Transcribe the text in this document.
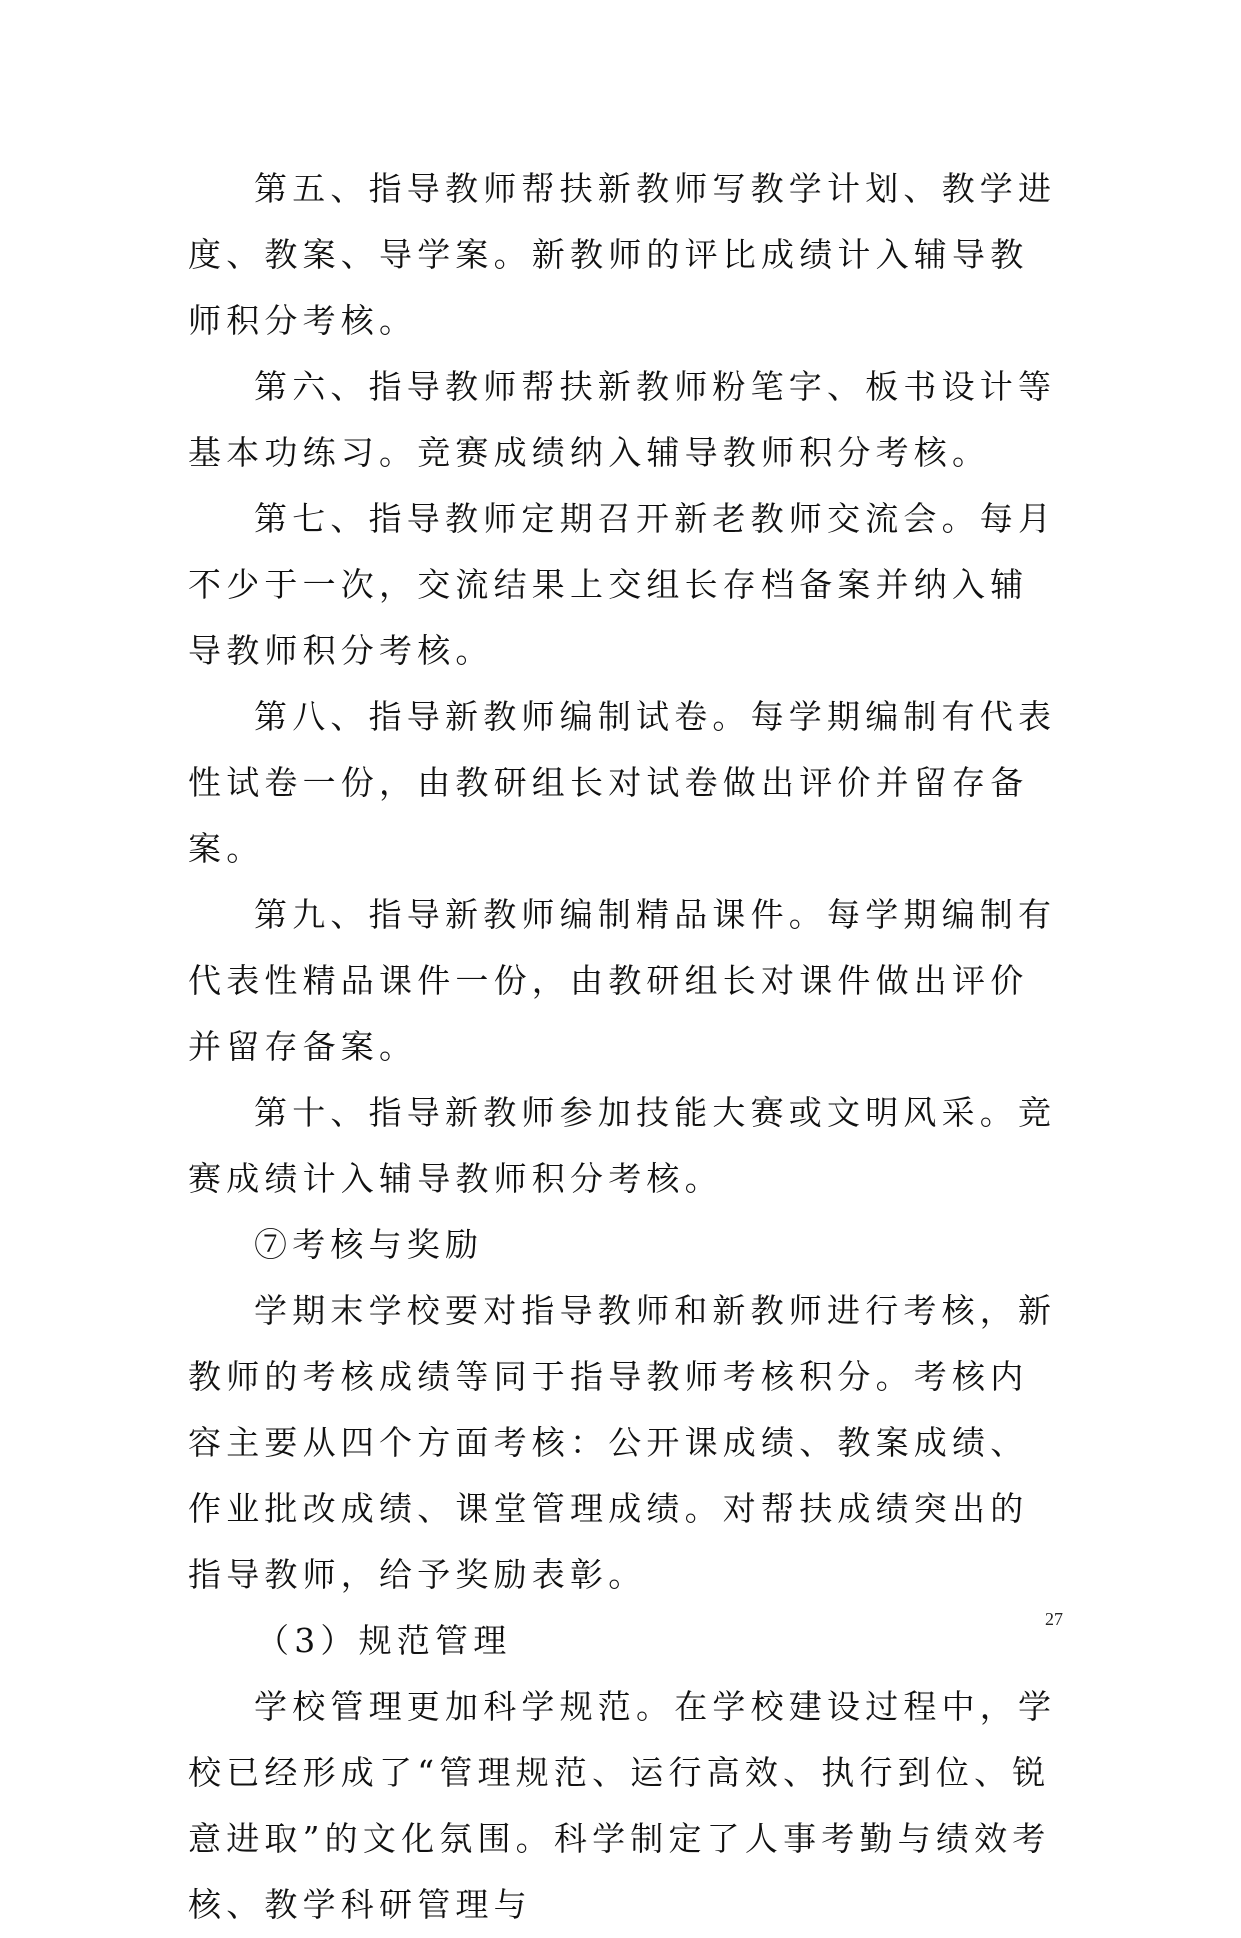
第五、指导教师帮扶新教师写教学计划、教学进度、教案、导学案。新教师的评比成绩计入辅导教师积分考核。

第六、指导教师帮扶新教师粉笔字、板书设计等基本功练习。竞赛成绩纳入辅导教师积分考核。

第七、指导教师定期召开新老教师交流会。每月不少于一次，交流结果上交组长存档备案并纳入辅导教师积分考核。

第八、指导新教师编制试卷。每学期编制有代表性试卷一份，由教研组长对试卷做出评价并留存备案。

第九、指导新教师编制精品课件。每学期编制有代表性精品课件一份，由教研组长对课件做出评价并留存备案。

第十、指导新教师参加技能大赛或文明风采。竞赛成绩计入辅导教师积分考核。

⑦考核与奖励

学期末学校要对指导教师和新教师进行考核，新教师的考核成绩等同于指导教师考核积分。考核内容主要从四个方面考核：公开课成绩、教案成绩、作业批改成绩、课堂管理成绩。对帮扶成绩突出的指导教师，给予奖励表彰。

（3）规范管理

学校管理更加科学规范。在学校建设过程中，学校已经形成了“管理规范、运行高效、执行到位、锐意进取”的文化氛围。科学制定了人事考勤与绩效考核、教学科研管理与

27
